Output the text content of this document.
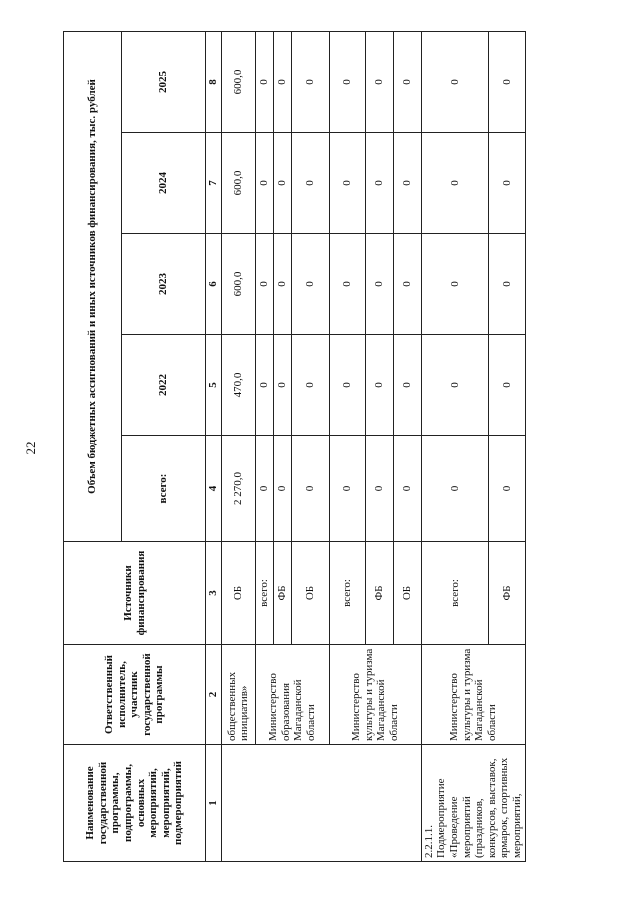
22
Наименование государственной программы, подпрограммы, основных мероприятий, мероприятий, подмероприятий	Ответственный исполнитель, участник государственной программы	Источники финансирования	Объем бюджетных ассигнований и иных источников финансирования, тыс. рублей				
			всего:	2022	2023	2024	2025
1	2	3	4	5	6	7	8
	общественных инициатив»	ОБ	2 270,0	470,0	600,0	600,0	600,0
	Министерство образования Магаданской области	всего:	0	0	0	0	0
		ФБ	0	0	0	0	0
		ОБ	0	0	0	0	0
	Министерство культуры и туризма Магаданской области	всего:	0	0	0	0	0
		ФБ	0	0	0	0	0
		ОБ	0	0	0	0	0
2.2.1.1. Подмероприятие «Проведение мероприятий (праздников, конкурсов, выставок, ярмарок, спортивных мероприятий,	Министерство культуры и туризма Магаданской области	всего:	0	0	0	0	0
		ФБ	0	0	0	0	0
